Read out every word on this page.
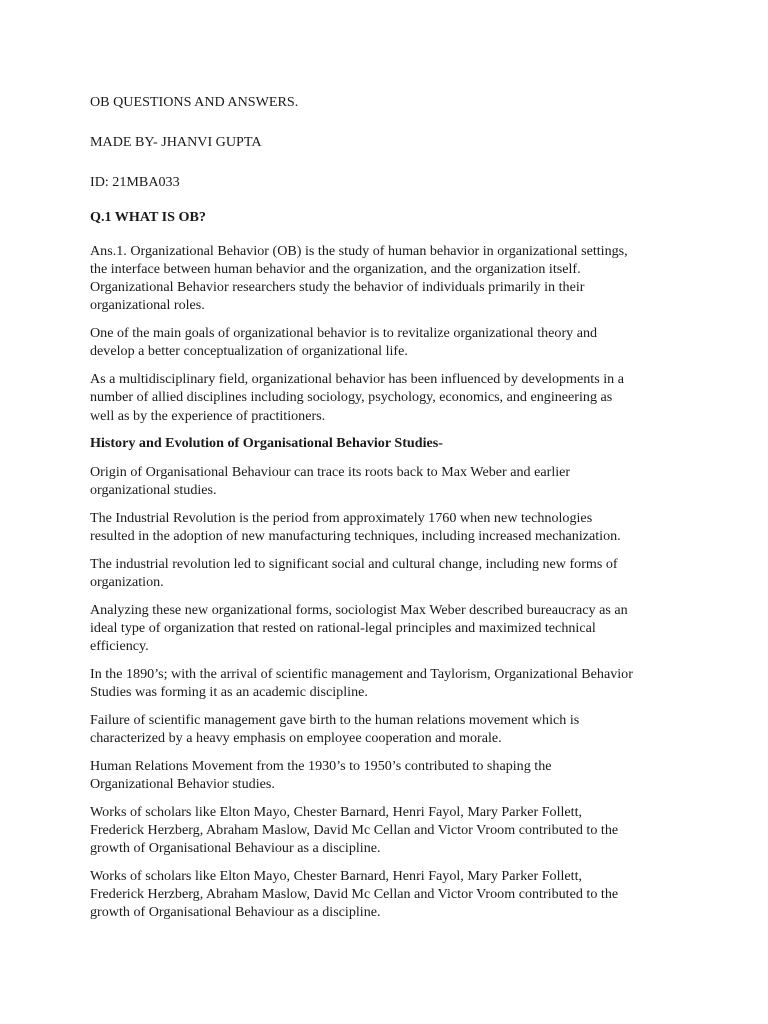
OB QUESTIONS AND ANSWERS.

MADE BY- JHANVI GUPTA

ID: 21MBA033

Q.1 WHAT IS OB?

Ans.1. Organizational Behavior (OB) is the study of human behavior in organizational settings,
the interface between human behavior and the organization, and the organization itself.
Organizational Behavior researchers study the behavior of individuals primarily in their
organizational roles.

One of the main goals of organizational behavior is to revitalize organizational theory and
develop a better conceptualization of organizational life.

As a multidisciplinary field, organizational behavior has been influenced by developments in a
number of allied disciplines including sociology, psychology, economics, and engineering as
well as by the experience of practitioners.

History and Evolution of Organisational Behavior Studies-

Origin of Organisational Behaviour can trace its roots back to Max Weber and earlier
organizational studies.

The Industrial Revolution is the period from approximately 1760 when new technologies
resulted in the adoption of new manufacturing techniques, including increased mechanization.

The industrial revolution led to significant social and cultural change, including new forms of
organization.

Analyzing these new organizational forms, sociologist Max Weber described bureaucracy as an
ideal type of organization that rested on rational-legal principles and maximized technical
efficiency.

In the 1890’s; with the arrival of scientific management and Taylorism, Organizational Behavior
Studies was forming it as an academic discipline.

Failure of scientific management gave birth to the human relations movement which is
characterized by a heavy emphasis on employee cooperation and morale.

Human Relations Movement from the 1930’s to 1950’s contributed to shaping the
Organizational Behavior studies.

Works of scholars like Elton Mayo, Chester Barnard, Henri Fayol, Mary Parker Follett,
Frederick Herzberg, Abraham Maslow, David Mc Cellan and Victor Vroom contributed to the
growth of Organisational Behaviour as a discipline.

Works of scholars like Elton Mayo, Chester Barnard, Henri Fayol, Mary Parker Follett,
Frederick Herzberg, Abraham Maslow, David Mc Cellan and Victor Vroom contributed to the
growth of Organisational Behaviour as a discipline.
